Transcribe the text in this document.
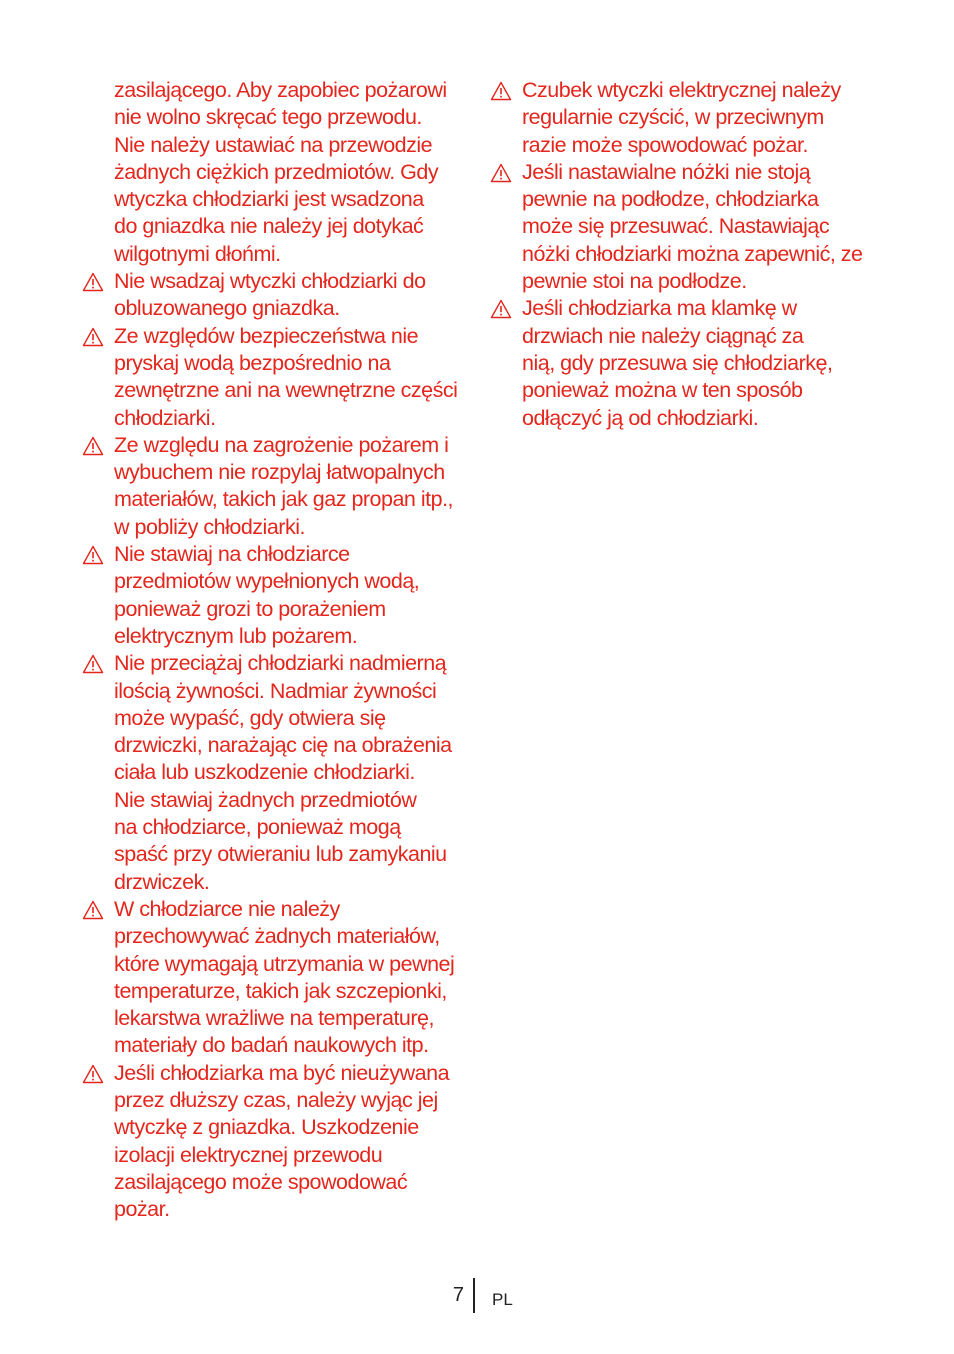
zasilającego. Aby zapobiec pożarowi
nie wolno skręcać tego przewodu.
Nie należy ustawiać na przewodzie
żadnych ciężkich przedmiotów. Gdy
wtyczka chłodziarki jest wsadzona
do gniazdka nie należy jej dotykać
wilgotnymi dłońmi.
Nie wsadzaj wtyczki chłodziarki do
obluzowanego gniazdka.
Ze względów bezpieczeństwa nie
pryskaj wodą bezpośrednio na
zewnętrzne ani na wewnętrzne części
chłodziarki.
Ze względu na zagrożenie pożarem i
wybuchem nie rozpylaj łatwopalnych
materiałów, takich jak gaz propan itp.,
w pobliży chłodziarki.
Nie stawiaj na chłodziarce
przedmiotów wypełnionych wodą,
ponieważ grozi to porażeniem
elektrycznym lub pożarem.
Nie przeciążaj chłodziarki nadmierną
ilością żywności. Nadmiar żywności
może wypaść, gdy otwiera się
drzwiczki, narażając cię na obrażenia
ciała lub uszkodzenie chłodziarki.
Nie stawiaj żadnych przedmiotów
na chłodziarce, ponieważ mogą
spaść przy otwieraniu lub zamykaniu
drzwiczek.
W chłodziarce nie należy
przechowywać żadnych materiałów,
które wymagają utrzymania w pewnej
temperaturze, takich jak szczepionki,
lekarstwa wrażliwe na temperaturę,
materiały do badań naukowych itp.
Jeśli chłodziarka ma być nieużywana
przez dłuższy czas, należy wyjąc jej
wtyczkę z gniazdka. Uszkodzenie
izolacji elektrycznej przewodu
zasilającego może spowodować
pożar.
Czubek wtyczki elektrycznej należy
regularnie czyścić, w przeciwnym
razie może spowodować pożar.
Jeśli nastawialne nóżki nie stoją
pewnie na podłodze, chłodziarka
może się przesuwać. Nastawiając
nóżki chłodziarki można zapewnić, ze
pewnie stoi na podłodze.
Jeśli chłodziarka ma klamkę w
drzwiach nie należy ciągnąć za
nią, gdy przesuwa się chłodziarkę,
ponieważ można w ten sposób
odłączyć ją od chłodziarki.
7 PL
